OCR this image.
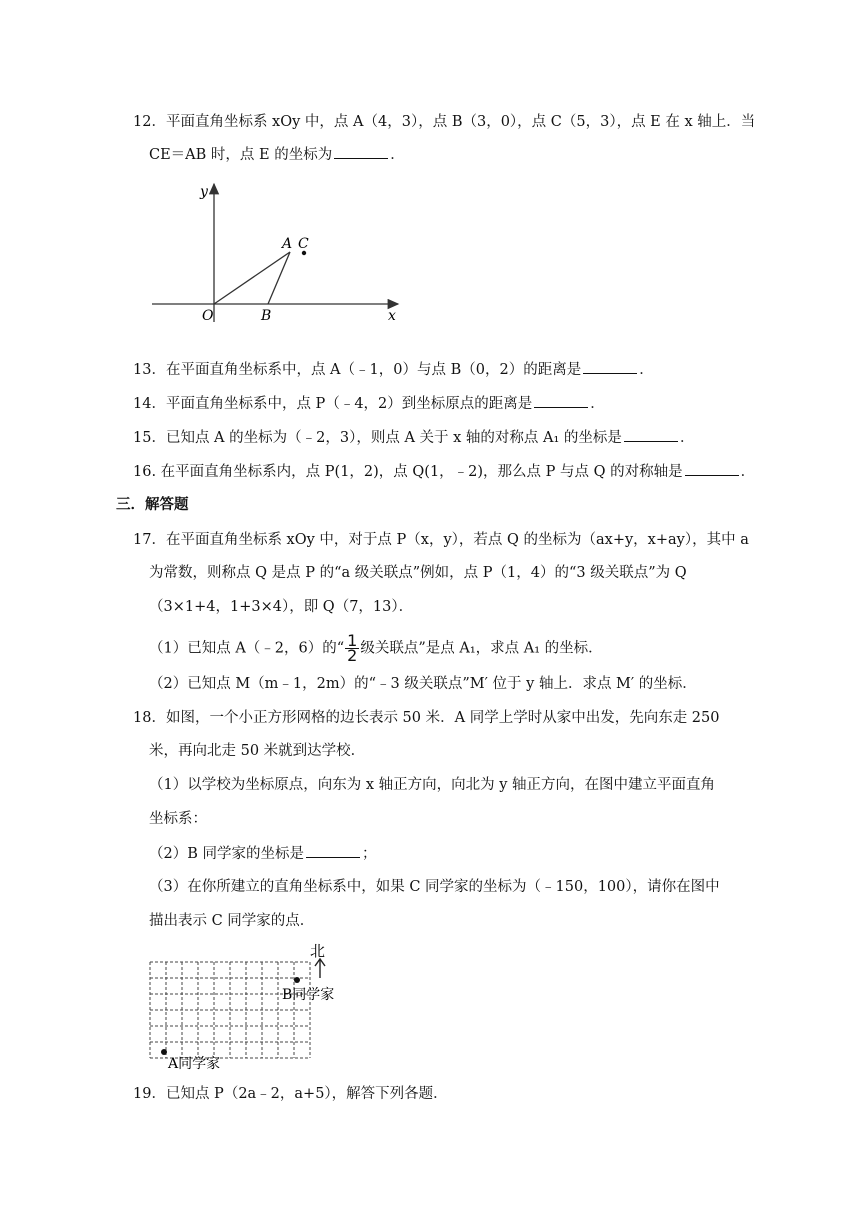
12．平面直角坐标系 xOy 中，点 A（4，3），点 B（3，0），点 C（5，3），点 E 在 x 轴上．当
CE＝AB 时，点 E 的坐标为	．
y
x
O
A
B
C
13．在平面直角坐标系中，点 A（﹣1，0）与点 B（0，2）的距离是	．
14．平面直角坐标系中，点 P（﹣4，2）到坐标原点的距离是	．
15．已知点 A 的坐标为（﹣2，3），则点 A 关于 x 轴的对称点 A₁ 的坐标是	．
16. 在平面直角坐标系内，点 P(1，2)，点 Q(1，﹣2)，那么点 P 与点 Q 的对称轴是	．
三．解答题
17．在平面直角坐标系 xOy 中，对于点 P（x，y），若点 Q 的坐标为（ax+y，x+ay），其中 a
为常数，则称点 Q 是点 P 的“a 级关联点”例如，点 P（1，4）的“3 级关联点”为 Q
（3×1+4，1+3×4），即 Q（7，13）．
（1）已知点 A（﹣2，6）的“ $\frac{1}{2}$ 级关联点”是点 A₁，求点 A₁ 的坐标．
（2）已知点 M（m﹣1，2m）的“﹣3 级关联点”M′ 位于 y 轴上．求点 M′ 的坐标．
18．如图，一个小正方形网格的边长表示 50 米．A 同学上学时从家中出发，先向东走 250
米，再向北走 50 米就到达学校．
（1）以学校为坐标原点，向东为 x 轴正方向，向北为 y 轴正方向，在图中建立平面直角
坐标系：
（2）B 同学家的坐标是	；
（3）在你所建立的直角坐标系中，如果 C 同学家的坐标为（﹣150，100），请你在图中
描出表示 C 同学家的点．
北
B同学家
A同学家
19．已知点 P（2a﹣2，a+5），解答下列各题．
